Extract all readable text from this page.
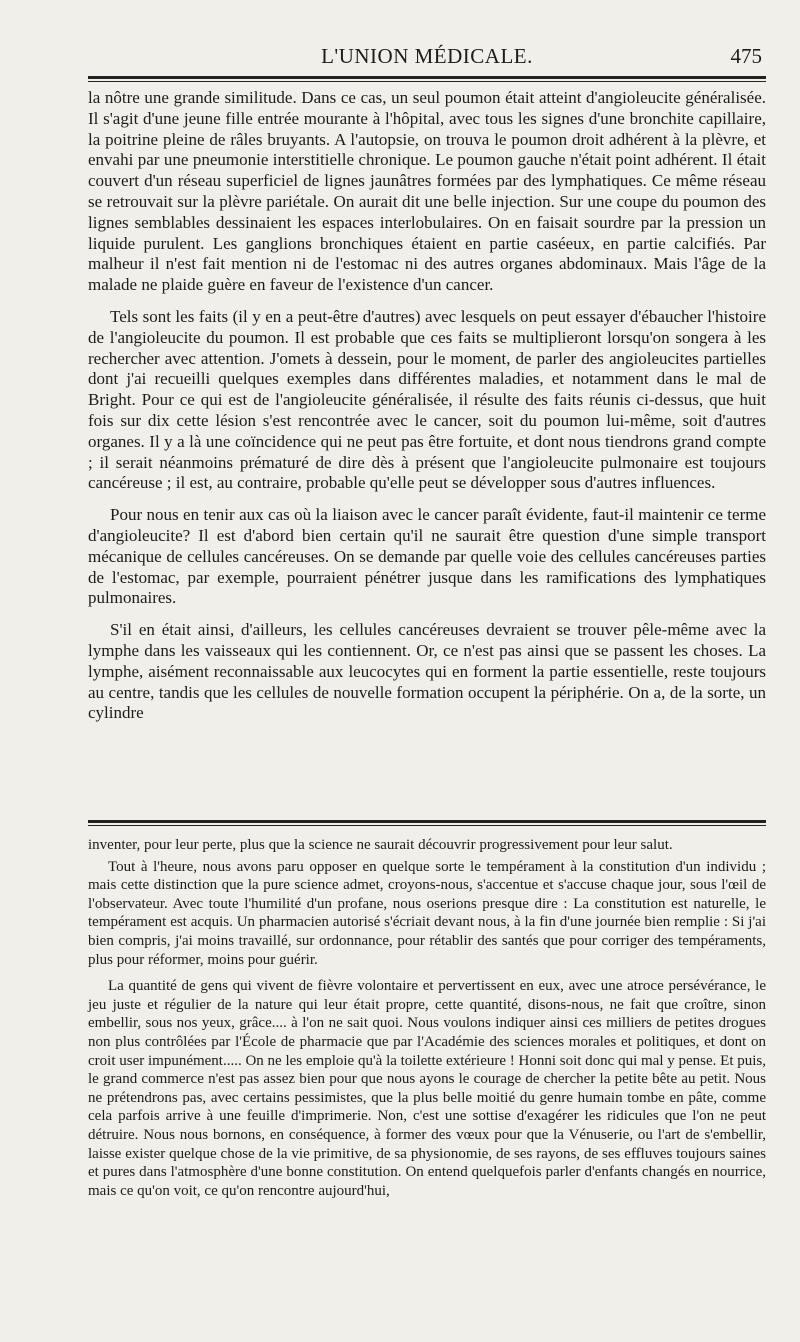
L'UNION MÉDICALE.	475

la nôtre une grande similitude. Dans ce cas, un seul poumon était atteint d'angioleucite généralisée. Il s'agit d'une jeune fille entrée mourante à l'hôpital, avec tous les signes d'une bronchite capillaire, la poitrine pleine de râles bruyants. A l'autopsie, on trouva le poumon droit adhérent à la plèvre, et envahi par une pneumonie interstitielle chronique. Le poumon gauche n'était point adhérent. Il était couvert d'un réseau superficiel de lignes jaunâtres formées par des lymphatiques. Ce même réseau se retrouvait sur la plèvre pariétale. On aurait dit une belle injection. Sur une coupe du poumon des lignes semblables dessinaient les espaces interlobulaires. On en faisait sourdre par la pression un liquide purulent. Les ganglions bronchiques étaient en partie caséeux, en partie calcifiés. Par malheur il n'est fait mention ni de l'estomac ni des autres organes abdominaux. Mais l'âge de la malade ne plaide guère en faveur de l'existence d'un cancer.

Tels sont les faits (il y en a peut-être d'autres) avec lesquels on peut essayer d'ébaucher l'histoire de l'angioleucite du poumon. Il est probable que ces faits se multiplieront lorsqu'on songera à les rechercher avec attention. J'omets à dessein, pour le moment, de parler des angioleucites partielles dont j'ai recueilli quelques exemples dans différentes maladies, et notamment dans le mal de Bright. Pour ce qui est de l'angioleucite généralisée, il résulte des faits réunis ci-dessus, que huit fois sur dix cette lésion s'est rencontrée avec le cancer, soit du poumon lui-même, soit d'autres organes. Il y a là une coïncidence qui ne peut pas être fortuite, et dont nous tiendrons grand compte ; il serait néanmoins prématuré de dire dès à présent que l'angioleucite pulmonaire est toujours cancéreuse ; il est, au contraire, probable qu'elle peut se développer sous d'autres influences.

Pour nous en tenir aux cas où la liaison avec le cancer paraît évidente, faut-il maintenir ce terme d'angioleucite? Il est d'abord bien certain qu'il ne saurait être question d'une simple transport mécanique de cellules cancéreuses. On se demande par quelle voie des cellules cancéreuses parties de l'estomac, par exemple, pourraient pénétrer jusque dans les ramifications des lymphatiques pulmonaires.

S'il en était ainsi, d'ailleurs, les cellules cancéreuses devraient se trouver pêle-même avec la lymphe dans les vaisseaux qui les contiennent. Or, ce n'est pas ainsi que se passent les choses. La lymphe, aisément reconnaissable aux leucocytes qui en forment la partie essentielle, reste toujours au centre, tandis que les cellules de nouvelle formation occupent la périphérie. On a, de la sorte, un cylindre

inventer, pour leur perte, plus que la science ne saurait découvrir progressivement pour leur salut.

Tout à l'heure, nous avons paru opposer en quelque sorte le tempérament à la constitution d'un individu ; mais cette distinction que la pure science admet, croyons-nous, s'accentue et s'accuse chaque jour, sous l'œil de l'observateur. Avec toute l'humilité d'un profane, nous oserions presque dire : La constitution est naturelle, le tempérament est acquis. Un pharmacien autorisé s'écriait devant nous, à la fin d'une journée bien remplie : Si j'ai bien compris, j'ai moins travaillé, sur ordonnance, pour rétablir des santés que pour corriger des tempéraments, plus pour réformer, moins pour guérir.

La quantité de gens qui vivent de fièvre volontaire et pervertissent en eux, avec une atroce persévérance, le jeu juste et régulier de la nature qui leur était propre, cette quantité, disons-nous, ne fait que croître, sinon embellir, sous nos yeux, grâce.... à l'on ne sait quoi. Nous voulons indiquer ainsi ces milliers de petites drogues non plus contrôlées par l'École de pharmacie que par l'Académie des sciences morales et politiques, et dont on croit user impunément..... On ne les emploie qu'à la toilette extérieure ! Honni soit donc qui mal y pense. Et puis, le grand commerce n'est pas assez bien pour que nous ayons le courage de chercher la petite bête au petit. Nous ne prétendrons pas, avec certains pessimistes, que la plus belle moitié du genre humain tombe en pâte, comme cela parfois arrive à une feuille d'imprimerie. Non, c'est une sottise d'exagérer les ridicules que l'on ne peut détruire. Nous nous bornons, en conséquence, à former des vœux pour que la Vénuserie, ou l'art de s'embellir, laisse exister quelque chose de la vie primitive, de sa physionomie, de ses rayons, de ses effluves toujours saines et pures dans l'atmosphère d'une bonne constitution. On entend quelquefois parler d'enfants changés en nourrice, mais ce qu'on voit, ce qu'on rencontre aujourd'hui,
